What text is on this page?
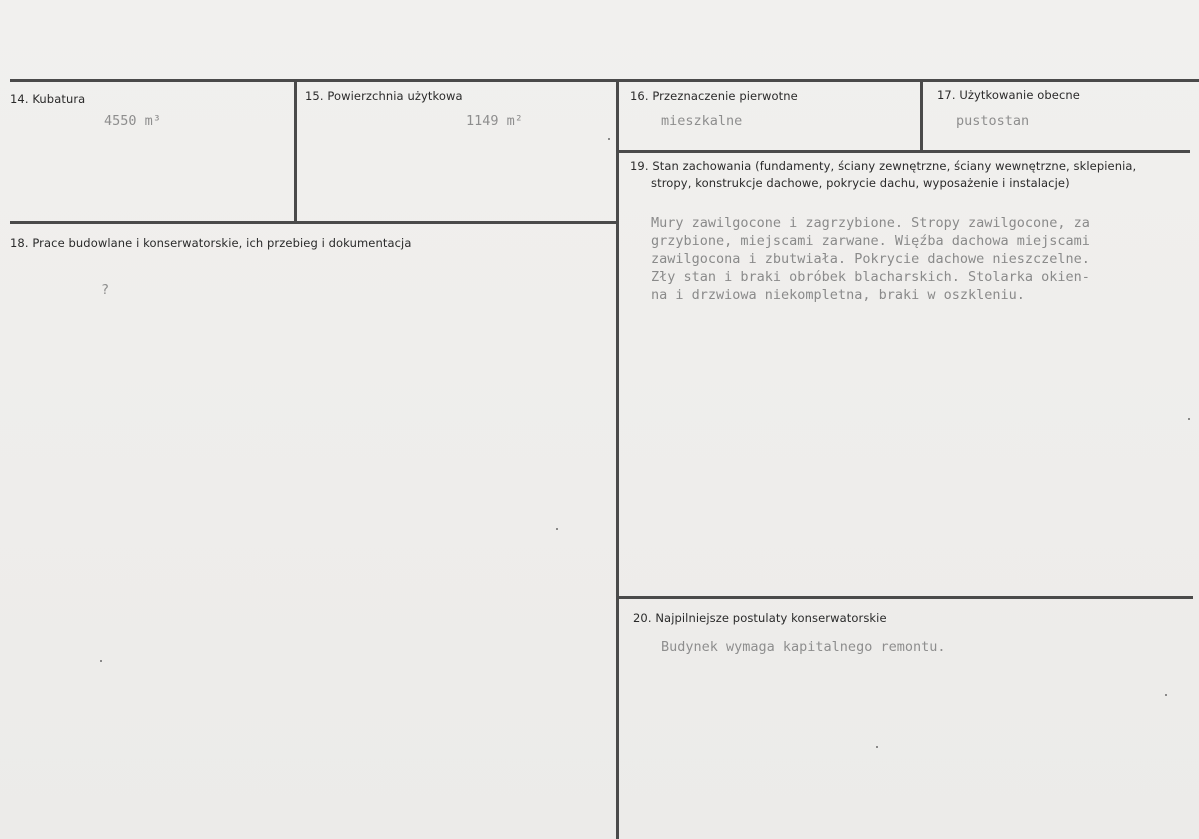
14. Kubatura
4550 m³
15. Powierzchnia użytkowa
1149 m²
16. Przeznaczenie pierwotne
mieszkalne
17. Użytkowanie obecne
pustostan
19. Stan zachowania (fundamenty, ściany zewnętrzne, ściany wewnętrzne, sklepienia,
stropy, konstrukcje dachowe, pokrycie dachu, wyposażenie i instalacje)
Mury zawilgocone i zagrzybione. Stropy zawilgocone, za
grzybione, miejscami zarwane. Więźba dachowa miejscami
zawilgocona i zbutwiała. Pokrycie dachowe nieszczelne.
Zły stan i braki obróbek blacharskich. Stolarka okien-
na i drzwiowa niekompletna, braki w oszkleniu.
18. Prace budowlane i konserwatorskie, ich przebieg i dokumentacja
?
20. Najpilniejsze postulaty konserwatorskie
Budynek wymaga kapitalnego remontu.
